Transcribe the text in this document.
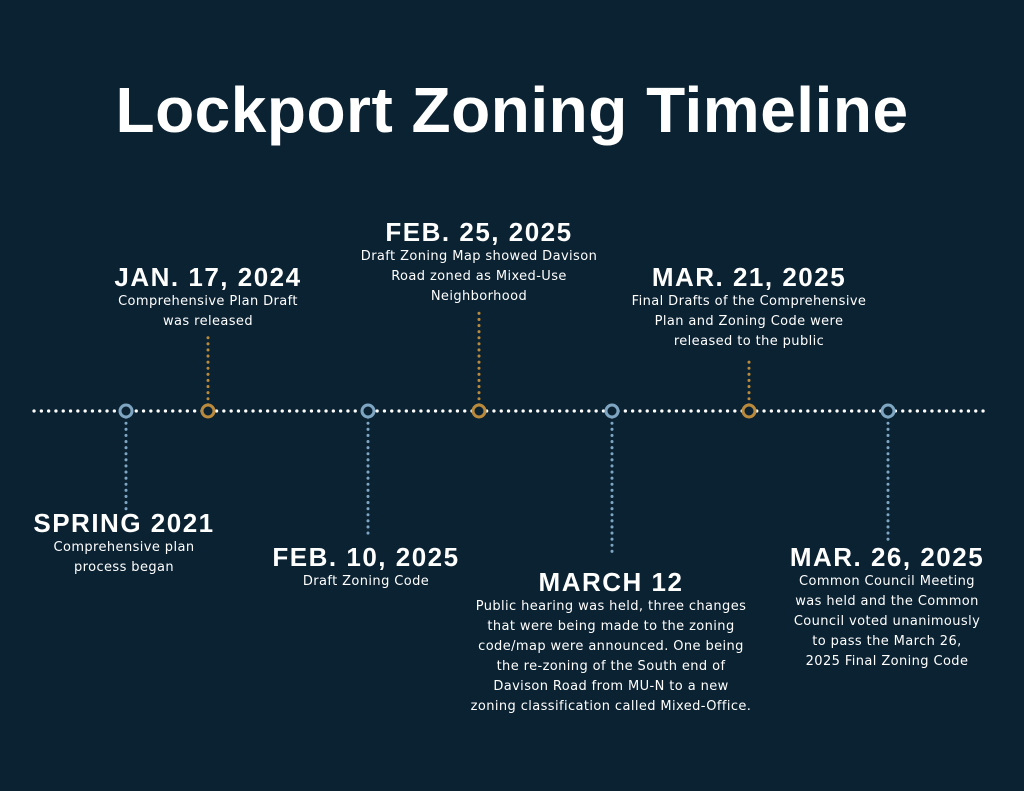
Lockport Zoning Timeline
SPRING 2021
Comprehensive plan
process began
JAN. 17, 2024
Comprehensive Plan Draft
was released
FEB. 10, 2025
Draft Zoning Code
FEB. 25, 2025
Draft Zoning Map showed Davison
Road zoned as Mixed-Use
Neighborhood
MARCH 12
Public hearing was held, three changes
that were being made to the zoning
code/map were announced. One being
the re-zoning of the South end of
Davison Road from MU-N to a new
zoning classification called Mixed-Office.
MAR. 21, 2025
Final Drafts of the Comprehensive
Plan and Zoning Code were
released to the public
MAR. 26, 2025
Common Council Meeting
was held and the Common
Council voted unanimously
to pass the March 26,
2025 Final Zoning Code
